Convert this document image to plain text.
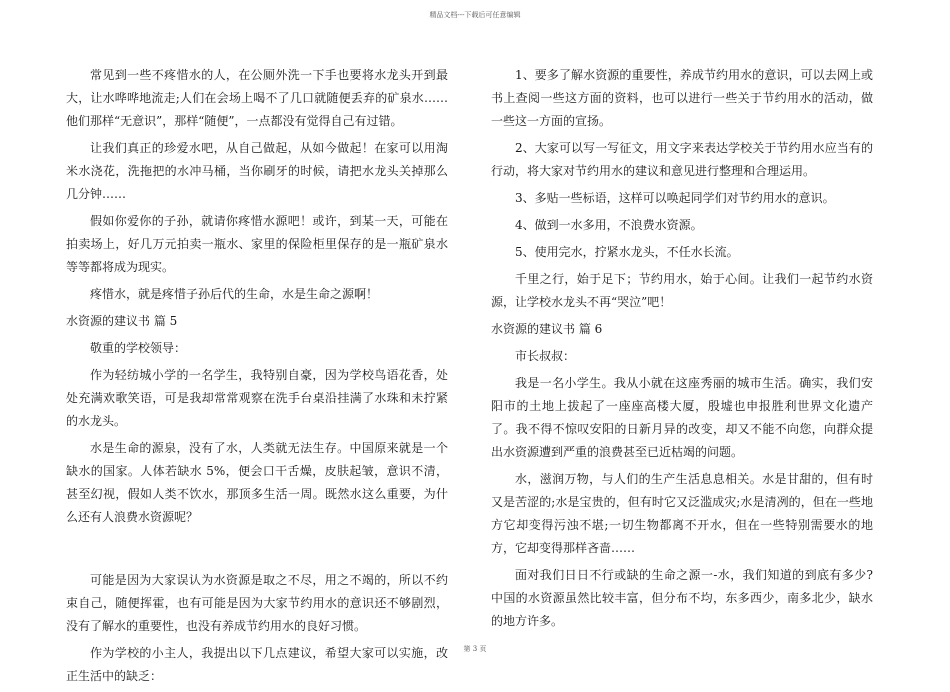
精品文档---下载后可任意编辑

常见到一些不疼惜水的人，在公厕外洗一下手也要将水龙头开到最大，让水哗哗地流走;人们在会场上喝不了几口就随便丢弃的矿泉水……他们那样“无意识”，那样“随便”，一点都没有觉得自己有过错。

让我们真正的珍爱水吧，从自己做起，从如今做起！在家可以用淘米水浇花，洗拖把的水冲马桶，当你刷牙的时候，请把水龙头关掉那么几分钟……

假如你爱你的子孙，就请你疼惜水源吧！或许，到某一天，可能在拍卖场上，好几万元拍卖一瓶水、家里的保险柜里保存的是一瓶矿泉水等等都将成为现实。

疼惜水，就是疼惜子孙后代的生命，水是生命之源啊！

水资源的建议书 篇 5

敬重的学校领导：

作为轻纺城小学的一名学生，我特别自豪，因为学校鸟语花香，处处充满欢歌笑语，可是我却常常观察在洗手台桌沿挂满了水珠和未拧紧的水龙头。

水是生命的源泉，没有了水，人类就无法生存。中国原来就是一个缺水的国家。人体若缺水 5%，便会口干舌燥，皮肤起皱，意识不清，甚至幻视，假如人类不饮水，那顶多生活一周。既然水这么重要，为什么还有人浪费水资源呢？

可能是因为大家误认为水资源是取之不尽，用之不竭的，所以不约束自己，随便挥霍，也有可能是因为大家节约用水的意识还不够剧烈，没有了解水的重要性，也没有养成节约用水的良好习惯。

作为学校的小主人，我提出以下几点建议，希望大家可以实施，改正生活中的缺乏：

1、要多了解水资源的重要性，养成节约用水的意识，可以去网上或书上查阅一些这方面的资料，也可以进行一些关于节约用水的活动，做一些这一方面的宣扬。

2、大家可以写一写征文，用文字来表达学校关于节约用水应当有的行动，将大家对节约用水的建议和意见进行整理和合理运用。

3、多贴一些标语，这样可以唤起同学们对节约用水的意识。

4、做到一水多用，不浪费水资源。

5、使用完水，拧紧水龙头，不任水长流。

千里之行，始于足下；节约用水，始于心间。让我们一起节约水资源，让学校水龙头不再“哭泣”吧！

水资源的建议书 篇 6

市长叔叔：

我是一名小学生。我从小就在这座秀丽的城市生活。确实，我们安阳市的土地上拔起了一座座高楼大厦，殷墟也申报胜利世界文化遗产了。我不得不惊叹安阳的日新月异的改变，却又不能不向您，向群众提出水资源遭到严重的浪费甚至已近枯竭的问题。

水，滋润万物，与人们的生产生活息息相关。水是甘甜的，但有时又是苦涩的;水是宝贵的，但有时它又泛滥成灾;水是清冽的，但在一些地方它却变得污浊不堪;一切生物都离不开水，但在一些特别需要水的地方，它却变得那样吝啬……

面对我们日日不行或缺的生命之源一-水，我们知道的到底有多少?中国的水资源虽然比较丰富，但分布不均，东多西少，南多北少，缺水的地方许多。

第 3 页
